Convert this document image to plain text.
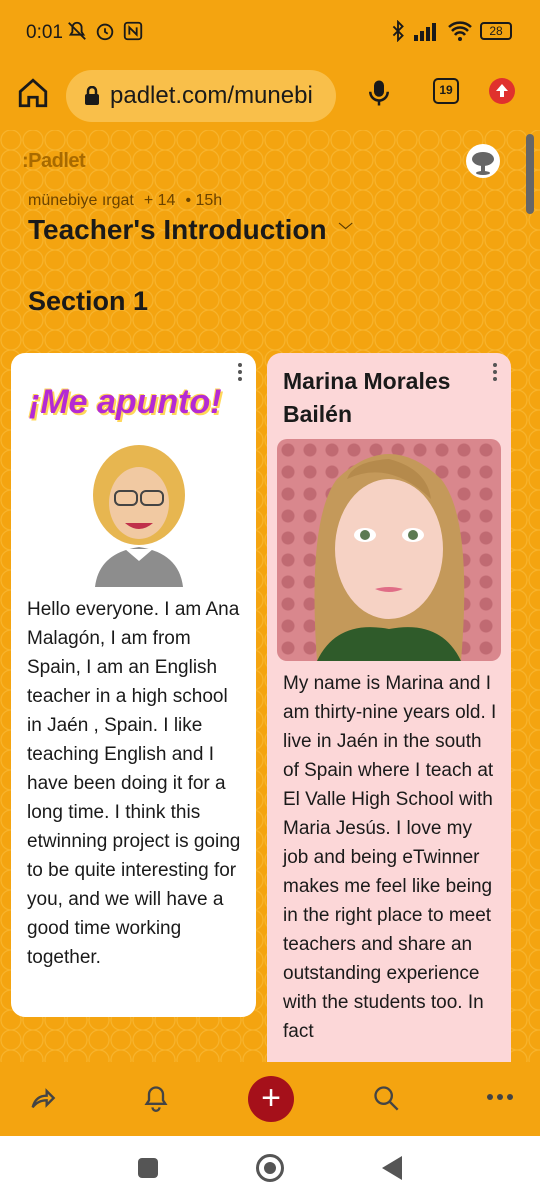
0:01	28
padlet.com/munebi	19
:Padlet
münebiye ırgat + 14 • 15h
Teacher's Introduction ﹀
Section 1
¡Me apunto!
Hello everyone. I am Ana Malagón, I am from Spain, I am an English teacher in a high school in Jaén , Spain. I like teaching English and I have been doing it for a long time. I think this etwinning project is going to be quite interesting for you, and we will have a good time working together.
Marina Morales Bailén
My name is Marina and I am thirty-nine years old. I live in Jaén in the south of Spain where I teach at El Valle High School with Maria Jesús. I love my job and being eTwinner makes me feel like being in the right place to meet teachers and share an outstanding experience with the students too. In fact
+
